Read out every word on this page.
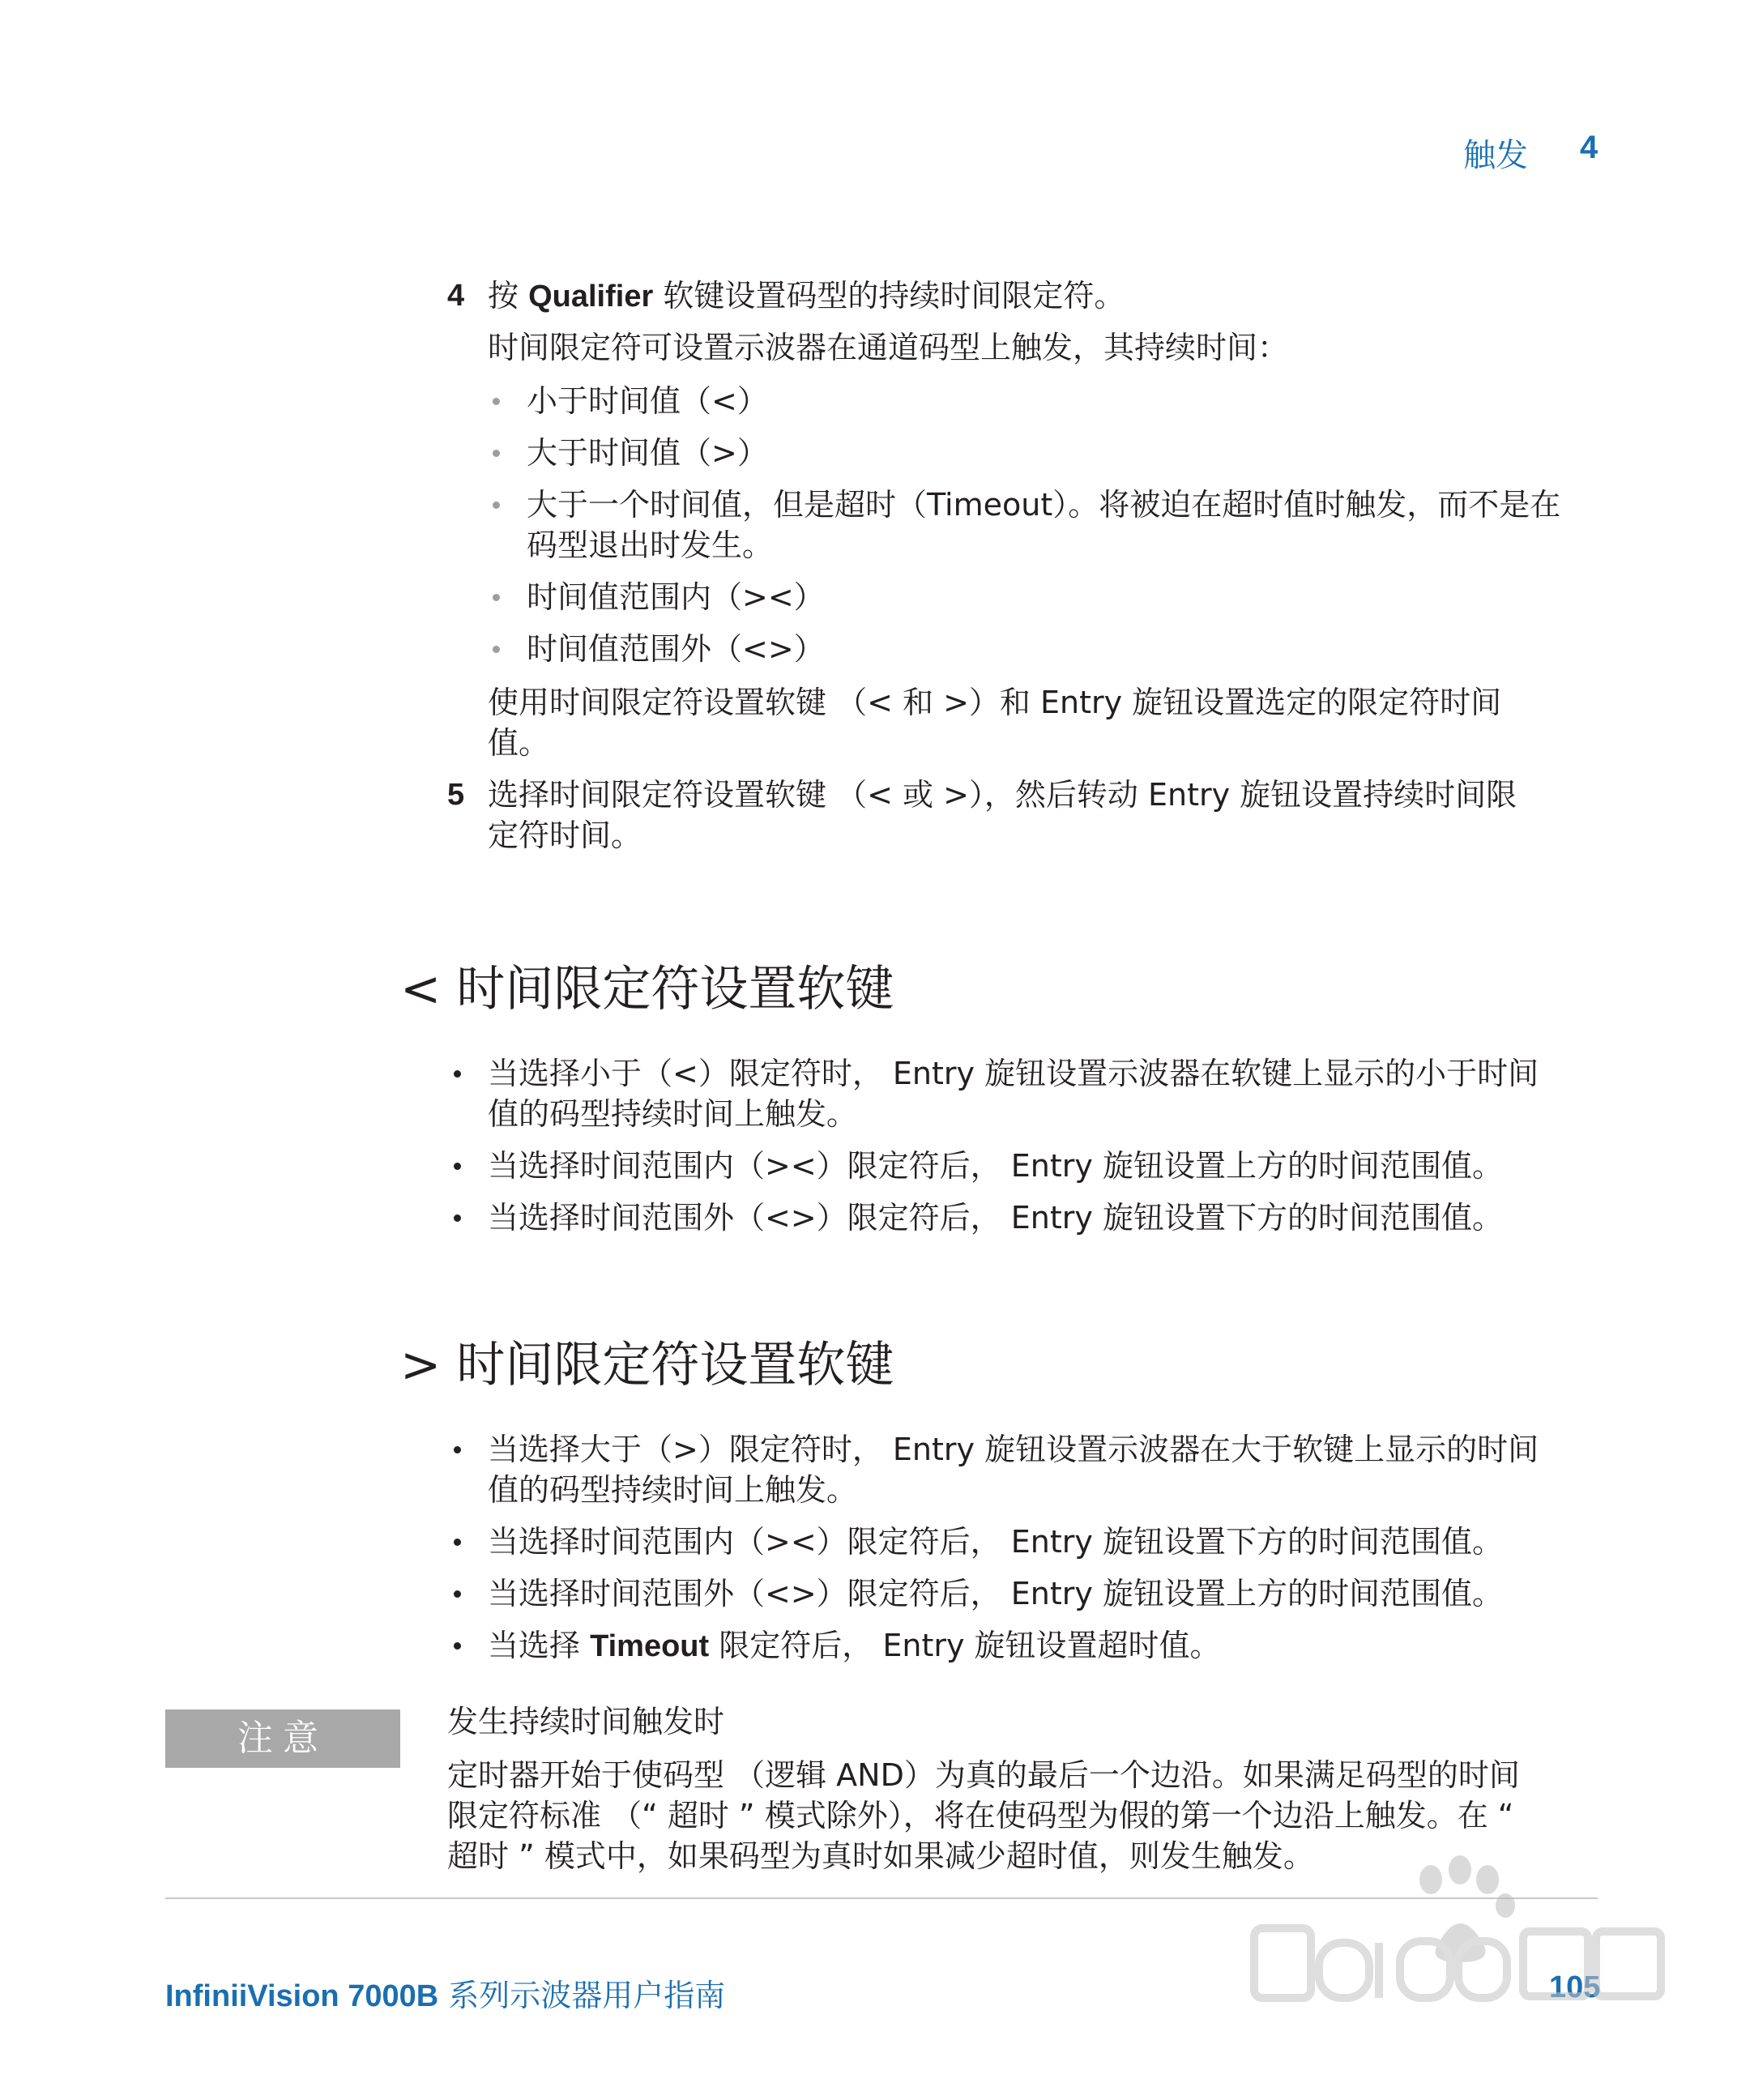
触发 4
4 按 Qualifier 软键设置码型的持续时间限定符。
时间限定符可设置示波器在通道码型上触发，其持续时间：
小于时间值（<）
大于时间值（>）
大于一个时间值，但是超时（Timeout）。将被迫在超时值时触发，而不是在
码型退出时发生。
时间值范围内（><）
时间值范围外（<>）
使用时间限定符设置软键 （< 和 >）和 Entry 旋钮设置选定的限定符时间
值。
5 选择时间限定符设置软键 （< 或 >），然后转动 Entry 旋钮设置持续时间限
定符时间。
< 时间限定符设置软键
当选择小于（<）限定符时， Entry 旋钮设置示波器在软键上显示的小于时间
值的码型持续时间上触发。
当选择时间范围内（><）限定符后， Entry 旋钮设置上方的时间范围值。
当选择时间范围外（<>）限定符后， Entry 旋钮设置下方的时间范围值。
> 时间限定符设置软键
当选择大于（>）限定符时， Entry 旋钮设置示波器在大于软键上显示的时间
值的码型持续时间上触发。
当选择时间范围内（><）限定符后， Entry 旋钮设置下方的时间范围值。
当选择时间范围外（<>）限定符后， Entry 旋钮设置上方的时间范围值。
当选择 Timeout 限定符后， Entry 旋钮设置超时值。
注意	发生持续时间触发时
定时器开始于使码型 （逻辑 AND）为真的最后一个边沿。如果满足码型的时间
限定符标准 （“ 超时 ” 模式除外），将在使码型为假的第一个边沿上触发。在 “
超时 ” 模式中，如果码型为真时如果减少超时值，则发生触发。
InfiniiVision 7000B 系列示波器用户指南	105
